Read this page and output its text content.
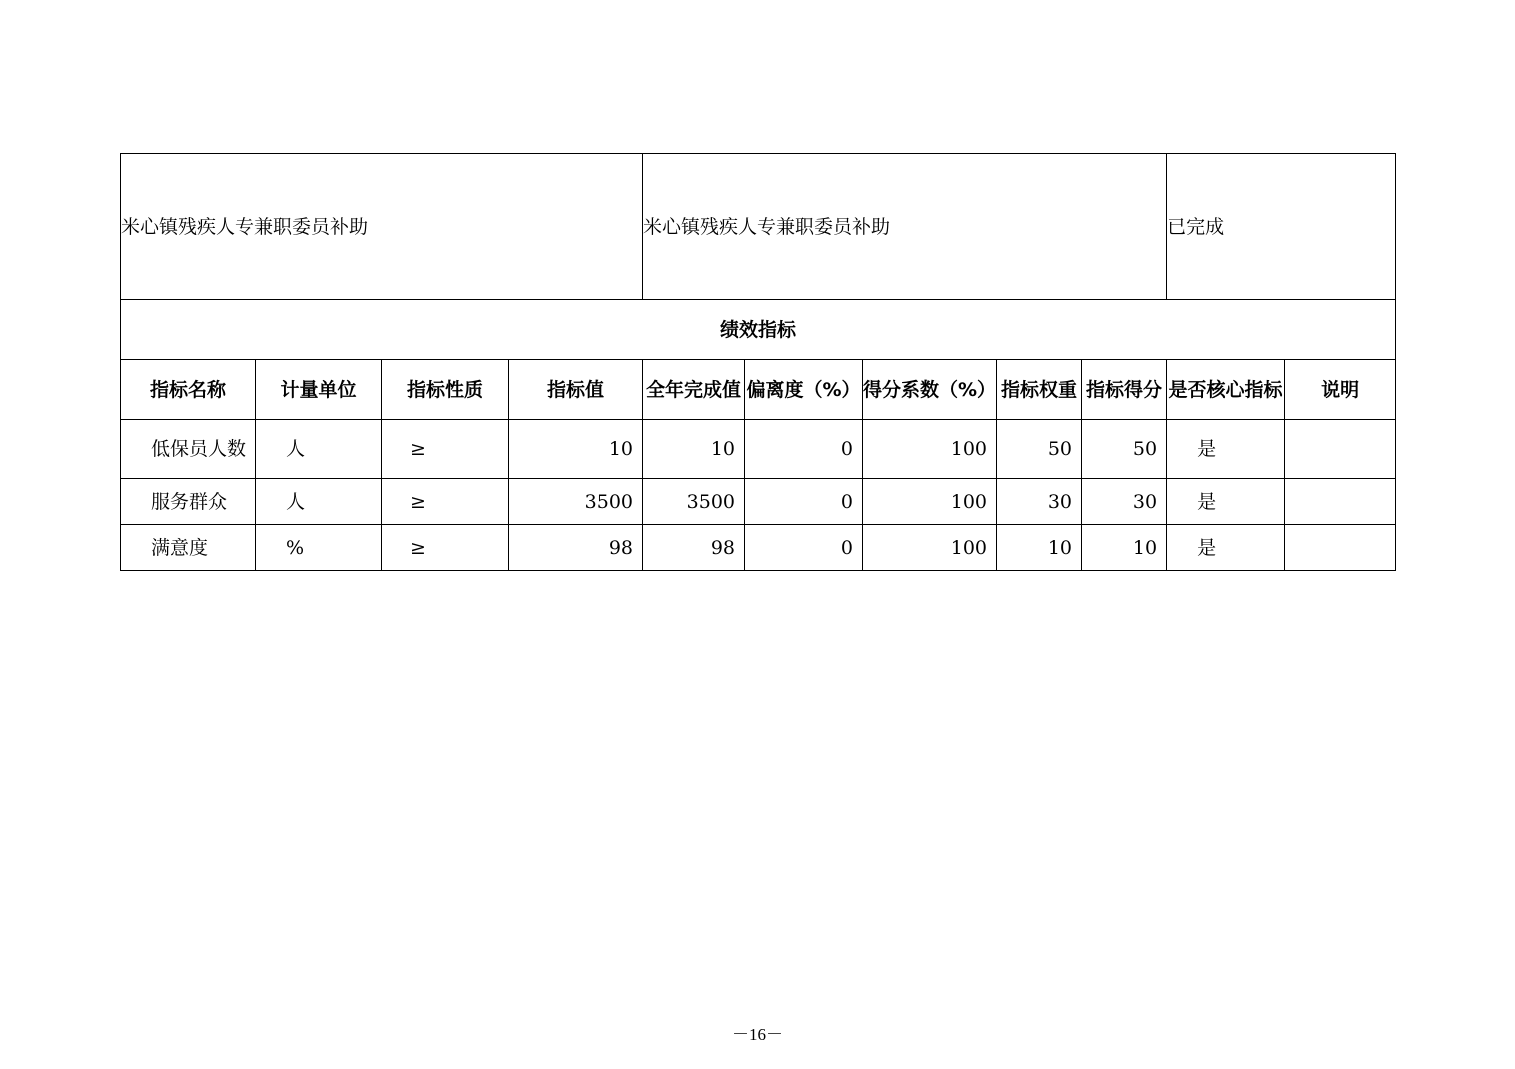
米心镇残疾人专兼职委员补助				米心镇残疾人专兼职委员补助					已完成	
绩效指标										
指标名称	计量单位	指标性质	指标值	全年完成值	偏离度（%）	得分系数（%）	指标权重	指标得分	是否核心指标	说明
低保员人数	人	≥	10	10	0	100	50	50	是	
服务群众	人	≥	3500	3500	0	100	30	30	是	
满意度	%	≥	98	98	0	100	10	10	是	
－16－
